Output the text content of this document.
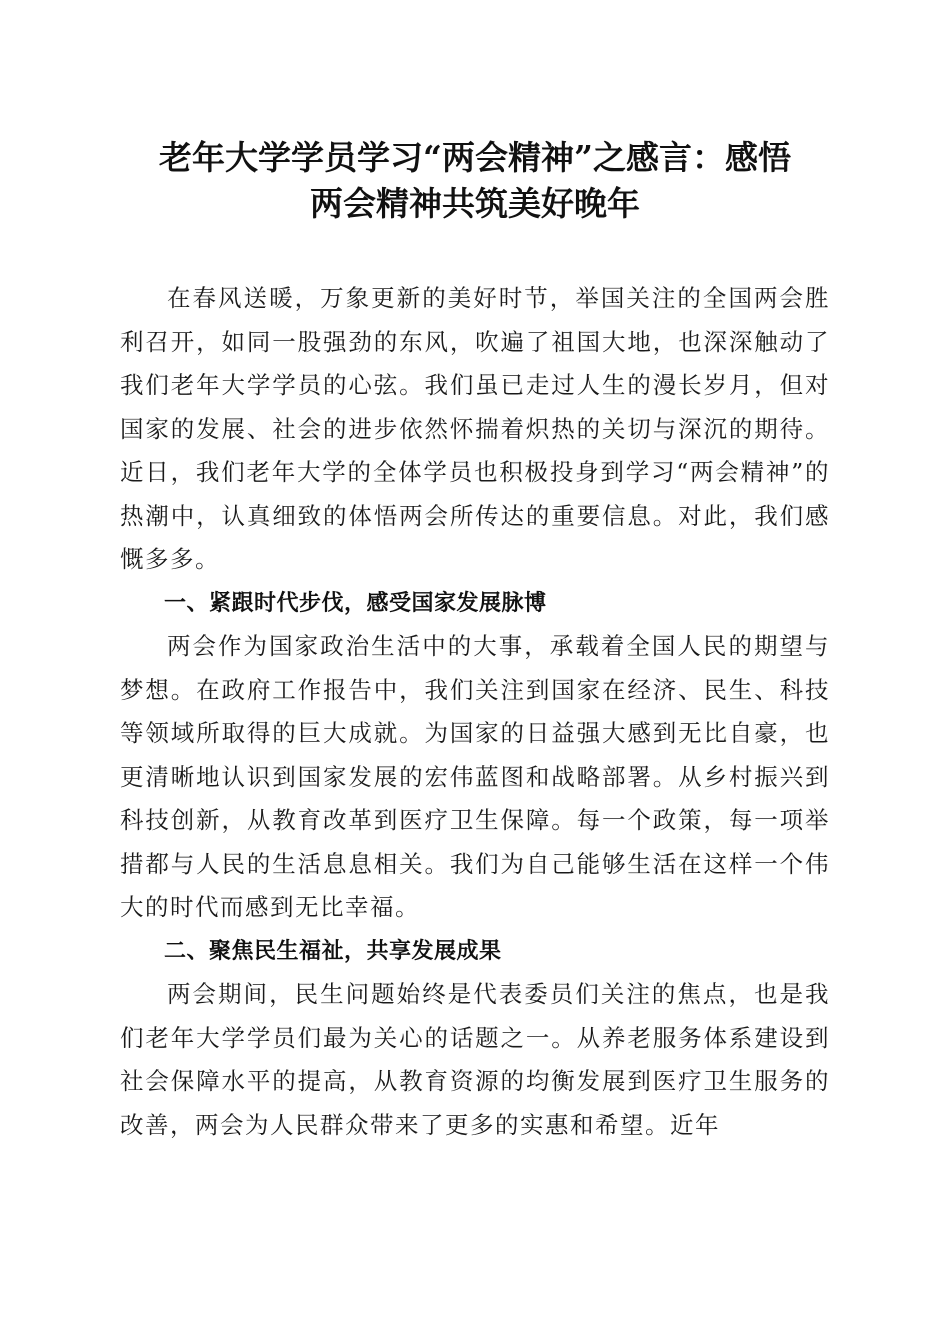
老年大学学员学习“两会精神”之感言：感悟
两会精神共筑美好晚年

在春风送暖，万象更新的美好时节，举国关注的全国两会胜利召开，如同一股强劲的东风，吹遍了祖国大地，也深深触动了我们老年大学学员的心弦。我们虽已走过人生的漫长岁月，但对国家的发展、社会的进步依然怀揣着炽热的关切与深沉的期待。近日，我们老年大学的全体学员也积极投身到学习“两会精神”的热潮中，认真细致的体悟两会所传达的重要信息。对此，我们感慨多多。

一、紧跟时代步伐，感受国家发展脉博

两会作为国家政治生活中的大事，承载着全国人民的期望与梦想。在政府工作报告中，我们关注到国家在经济、民生、科技等领域所取得的巨大成就。为国家的日益强大感到无比自豪，也更清晰地认识到国家发展的宏伟蓝图和战略部署。从乡村振兴到科技创新，从教育改革到医疗卫生保障。每一个政策，每一项举措都与人民的生活息息相关。我们为自己能够生活在这样一个伟大的时代而感到无比幸福。

二、聚焦民生福祉，共享发展成果

两会期间，民生问题始终是代表委员们关注的焦点，也是我们老年大学学员们最为关心的话题之一。从养老服务体系建设到社会保障水平的提高，从教育资源的均衡发展到医疗卫生服务的改善，两会为人民群众带来了更多的实惠和希望。近年
